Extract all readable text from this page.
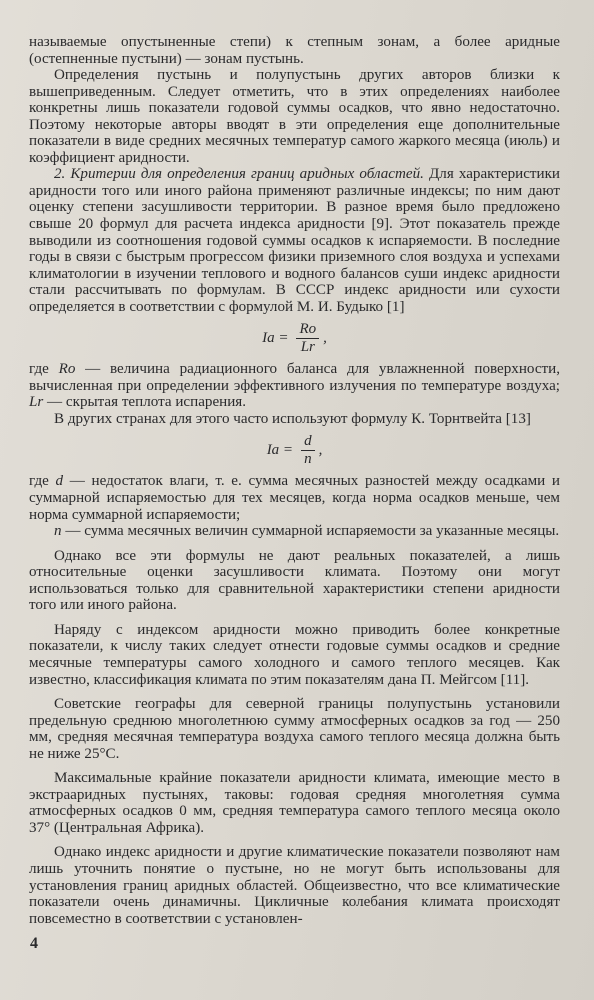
называемые опустыненные степи) к степным зонам, а более аридные (остепненные пустыни) — зонам пустынь.

Определения пустынь и полупустынь других авторов близки к вышеприведенным. Следует отметить, что в этих определениях наиболее конкретны лишь показатели годовой суммы осадков, что явно недостаточно. Поэтому некоторые авторы вводят в эти определения еще дополнительные показатели в виде средних месячных температур самого жаркого месяца (июль) и коэффициент аридности.

2. Критерии для определения границ аридных областей. Для характеристики аридности того или иного района применяют различные индексы; по ним дают оценку степени засушливости территории. В разное время было предложено свыше 20 формул для расчета индекса аридности [9]. Этот показатель прежде выводили из соотношения годовой суммы осадков к испаряемости. В последние годы в связи с быстрым прогрессом физики приземного слоя воздуха и успехами климатологии в изучении теплового и водного балансов суши индекс аридности стали рассчитывать по формулам. В СССР индекс аридности или сухости определяется в соответствии с формулой М. И. Будыко [1]

$Ia = \frac{Ro}{Lr}$ ,

где Ro — величина радиационного баланса для увлажненной поверхности, вычисленная при определении эффективного излучения по температуре воздуха; Lr — скрытая теплота испарения.

В других странах для этого часто используют формулу К. Торнтвейта [13]

$Ia = \frac{d}{n}$ ,

где d — недостаток влаги, т. е. сумма месячных разностей между осадками и суммарной испаряемостью для тех месяцев, когда норма осадков меньше, чем норма суммарной испаряемости;

n — сумма месячных величин суммарной испаряемости за указанные месяцы.

Однако все эти формулы не дают реальных показателей, а лишь относительные оценки засушливости климата. Поэтому они могут использоваться только для сравнительной характеристики степени аридности того или иного района.

Наряду с индексом аридности можно приводить более конкретные показатели, к числу таких следует отнести годовые суммы осадков и средние месячные температуры самого холодного и самого теплого месяцев. Как известно, классификация климата по этим показателям дана П. Мейгсом [11].

Советские географы для северной границы полупустынь установили предельную среднюю многолетнюю сумму атмосферных осадков за год — 250 мм, средняя месячная температура воздуха самого теплого месяца должна быть не ниже 25°С.

Максимальные крайние показатели аридности климата, имеющие место в экстрааридных пустынях, таковы: годовая средняя многолетняя сумма атмосферных осадков 0 мм, средняя температура самого теплого месяца около 37° (Центральная Африка).

Однако индекс аридности и другие климатические показатели позволяют нам лишь уточнить понятие о пустыне, но не могут быть использованы для установления границ аридных областей. Общеизвестно, что все климатические показатели очень динамичны. Цикличные колебания климата происходят повсеместно в соответствии с установлен-

4
